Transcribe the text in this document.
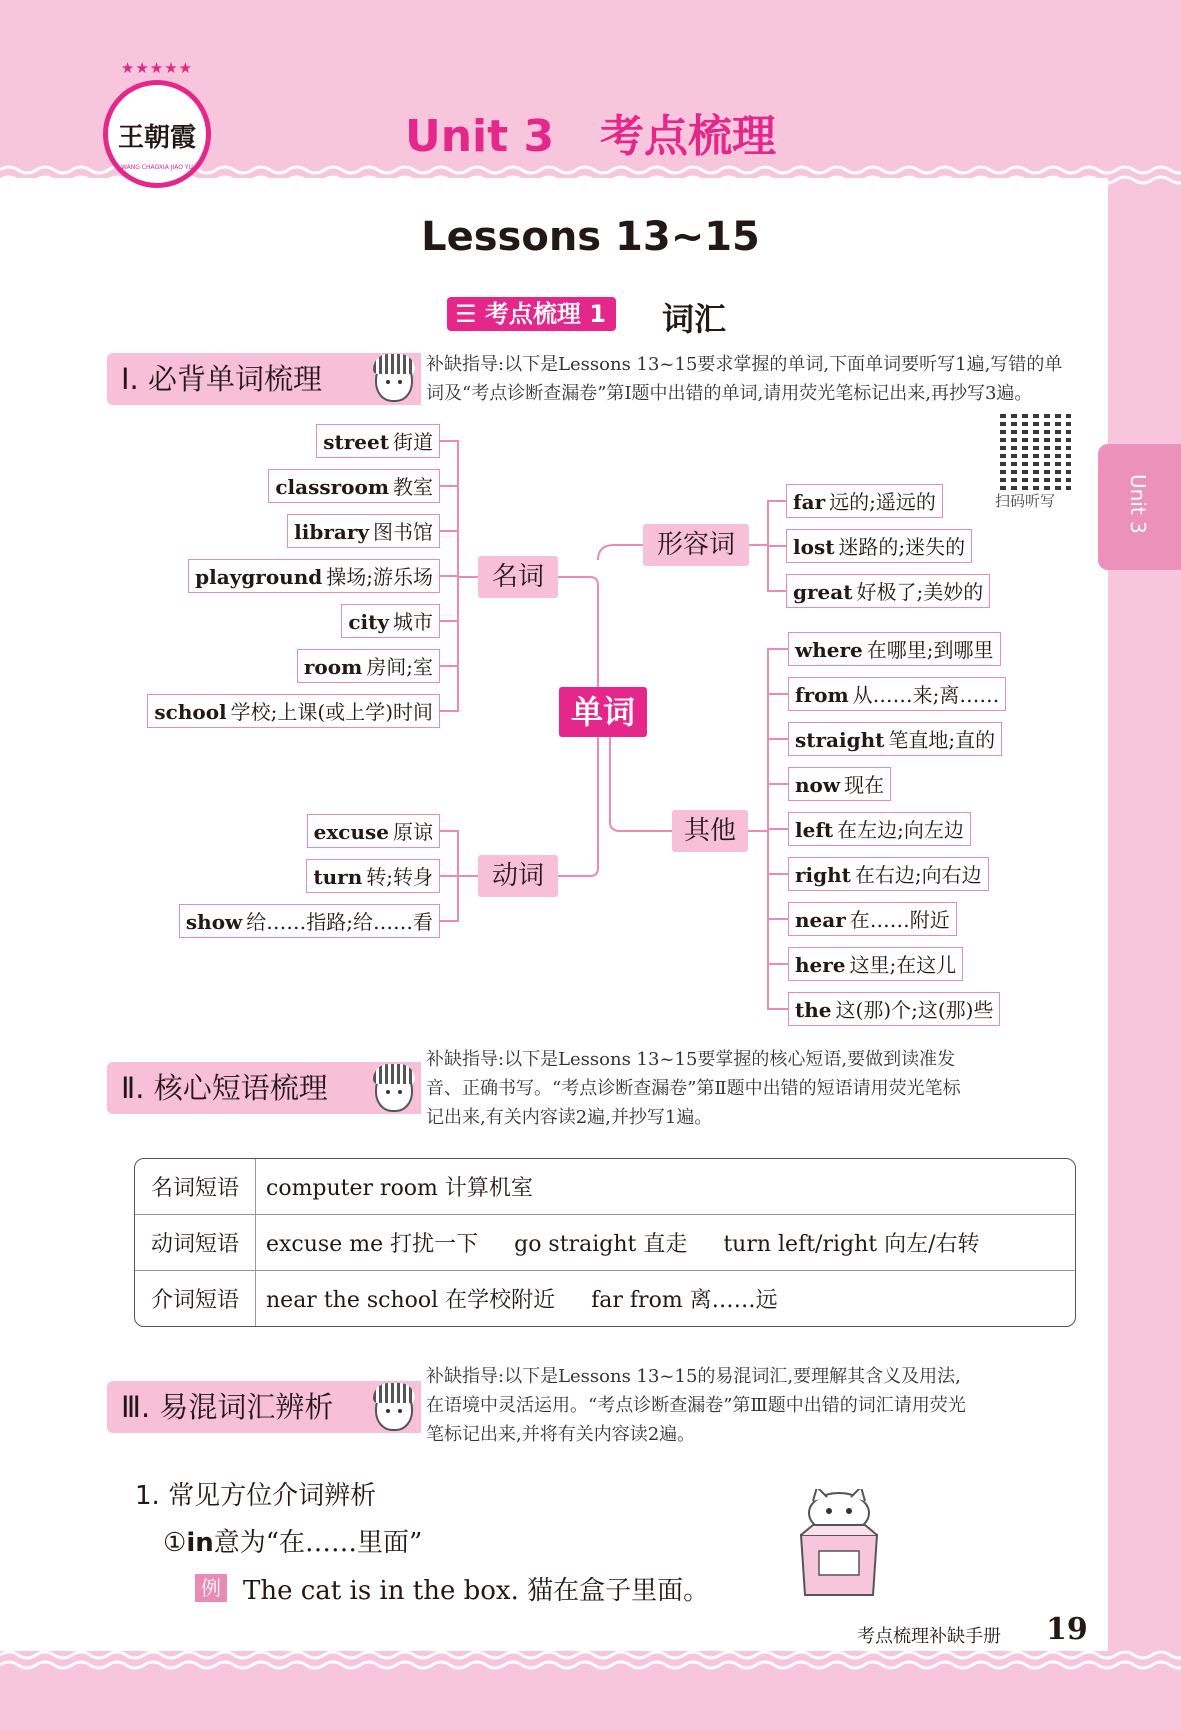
★★★★★
王朝霞
WANG CHAOXIA JIAO YU
Unit 3   考点梳理
Unit 3
Lessons 13~15
☰ 考点梳理 1	词汇
Ⅰ. 必背单词梳理	补缺指导:以下是Lessons 13~15要求掌握的单词,下面单词要听写1遍,写错的单
词及“考点诊断查漏卷”第Ⅰ题中出错的单词,请用荧光笔标记出来,再抄写3遍。
扫码听写
单词
名词
动词
形容词
其他
street 街道
classroom 教室
library 图书馆
playground 操场;游乐场
city 城市
room 房间;室
school 学校;上课(或上学)时间
excuse 原谅
turn 转;转身
show 给……指路;给……看
far 远的;遥远的
lost 迷路的;迷失的
great 好极了;美妙的
where 在哪里;到哪里
from 从……来;离……
straight 笔直地;直的
now 现在
left 在左边;向左边
right 在右边;向右边
near 在……附近
here 这里;在这儿
the 这(那)个;这(那)些
Ⅱ. 核心短语梳理
补缺指导:以下是Lessons 13~15要掌握的核心短语,要做到读准发
音、正确书写。“考点诊断查漏卷”第Ⅱ题中出错的短语请用荧光笔标
记出来,有关内容读2遍,并抄写1遍。
名词短语	computer room 计算机室
动词短语	excuse me 打扰一下 go straight 直走 turn left/right 向左/右转
介词短语	near the school 在学校附近 far from 离……远
Ⅲ. 易混词汇辨析
补缺指导:以下是Lessons 13~15的易混词汇,要理解其含义及用法,
在语境中灵活运用。“考点诊断查漏卷”第Ⅲ题中出错的词汇请用荧光
笔标记出来,并将有关内容读2遍。
1. 常见方位介词辨析
①in意为“在……里面”
例 The cat is in the box. 猫在盒子里面。
考点梳理补缺手册 19
